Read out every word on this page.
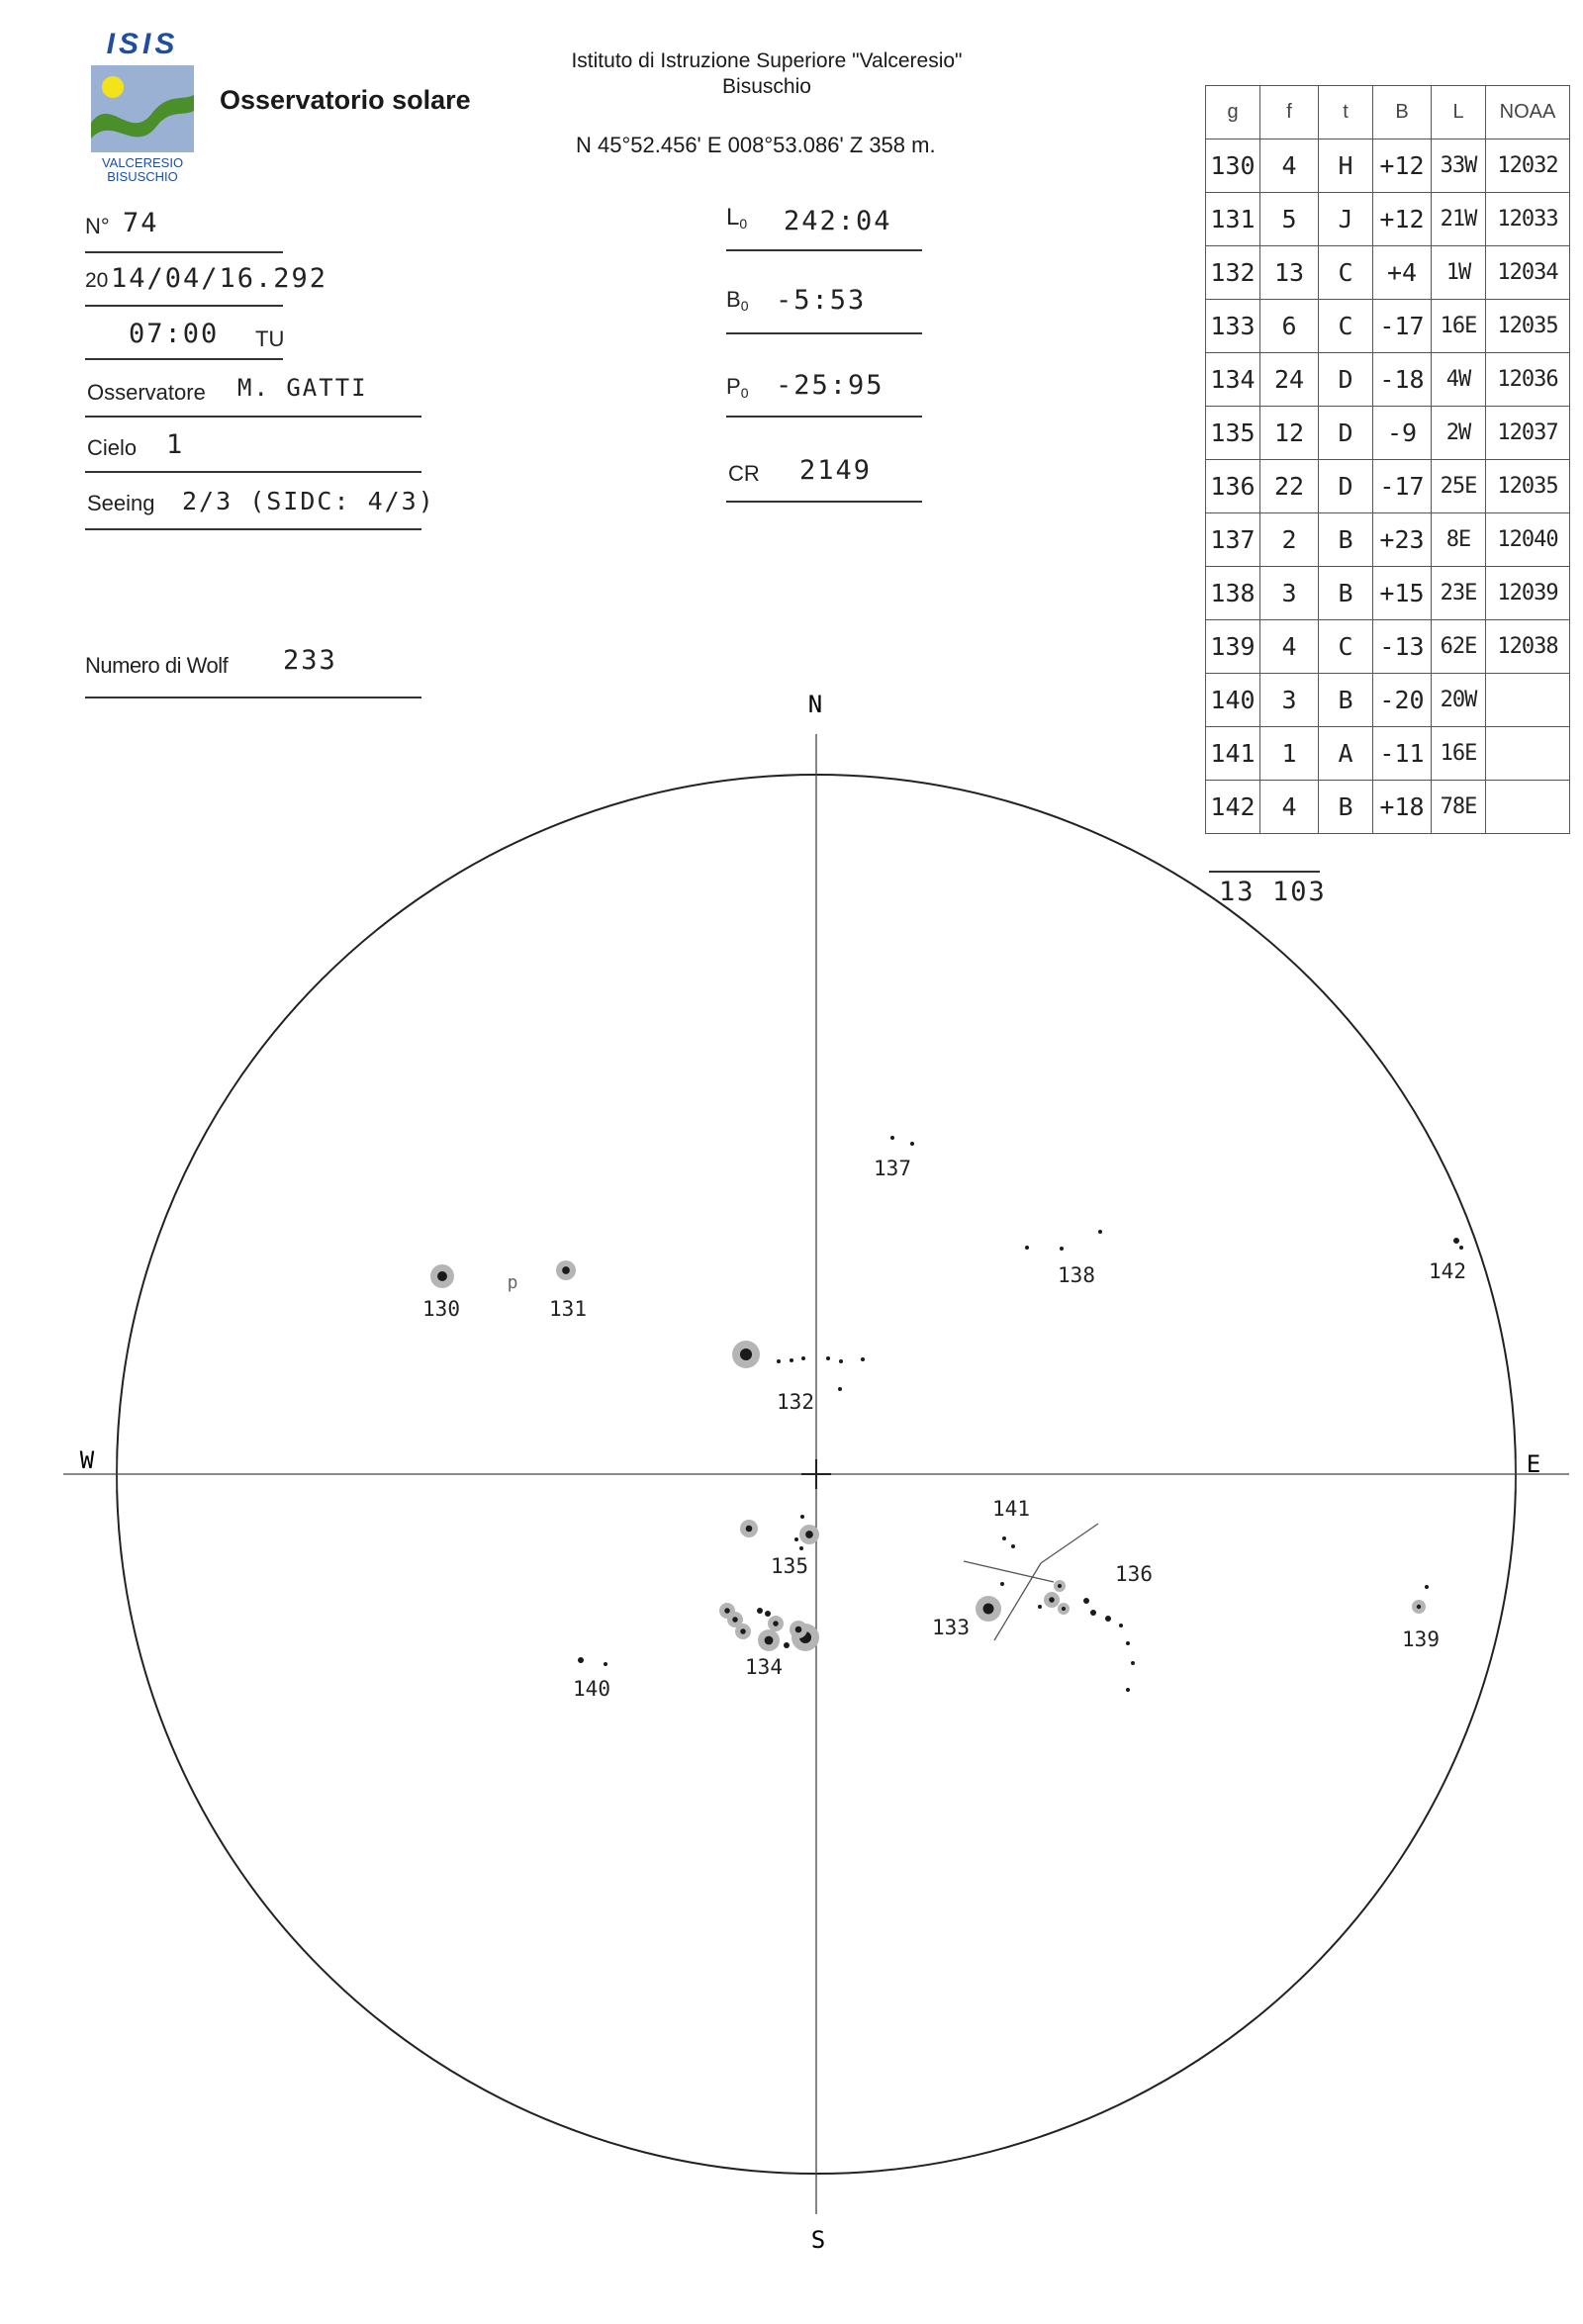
ISIS
VALCERESIO
BISUSCHIO
Osservatorio solare
Istituto di Istruzione Superiore "Valceresio"
Bisuschio
N 45°52.456' E 008°53.086' Z 358 m.
N° 74
20 14/04/16.292
07:00 TU
Osservatore M. GATTI
Cielo 1
Seeing 2/3 (SIDC: 4/3)
Numero di Wolf 233
$L_0$ 242:04
$B_0$ -5:53
$P_0$ -25:95
CR 2149
g	f	t	B	L	NOAA
130	4	H	+12	33W	12032
131	5	J	+12	21W	12033
132	13	C	+4	1W	12034
133	6	C	-17	16E	12035
134	24	D	-18	4W	12036
135	12	D	-9	2W	12037
136	22	D	-17	25E	12035
137	2	B	+23	8E	12040
138	3	B	+15	23E	12039
139	4	C	-13	62E	12038
140	3	B	-20	20W	
141	1	A	-11	16E	
142	4	B	+18	78E	
13 103
N
S
E
W
p
130	131
132
133
134
135	136
137
138
139
140
141
142
